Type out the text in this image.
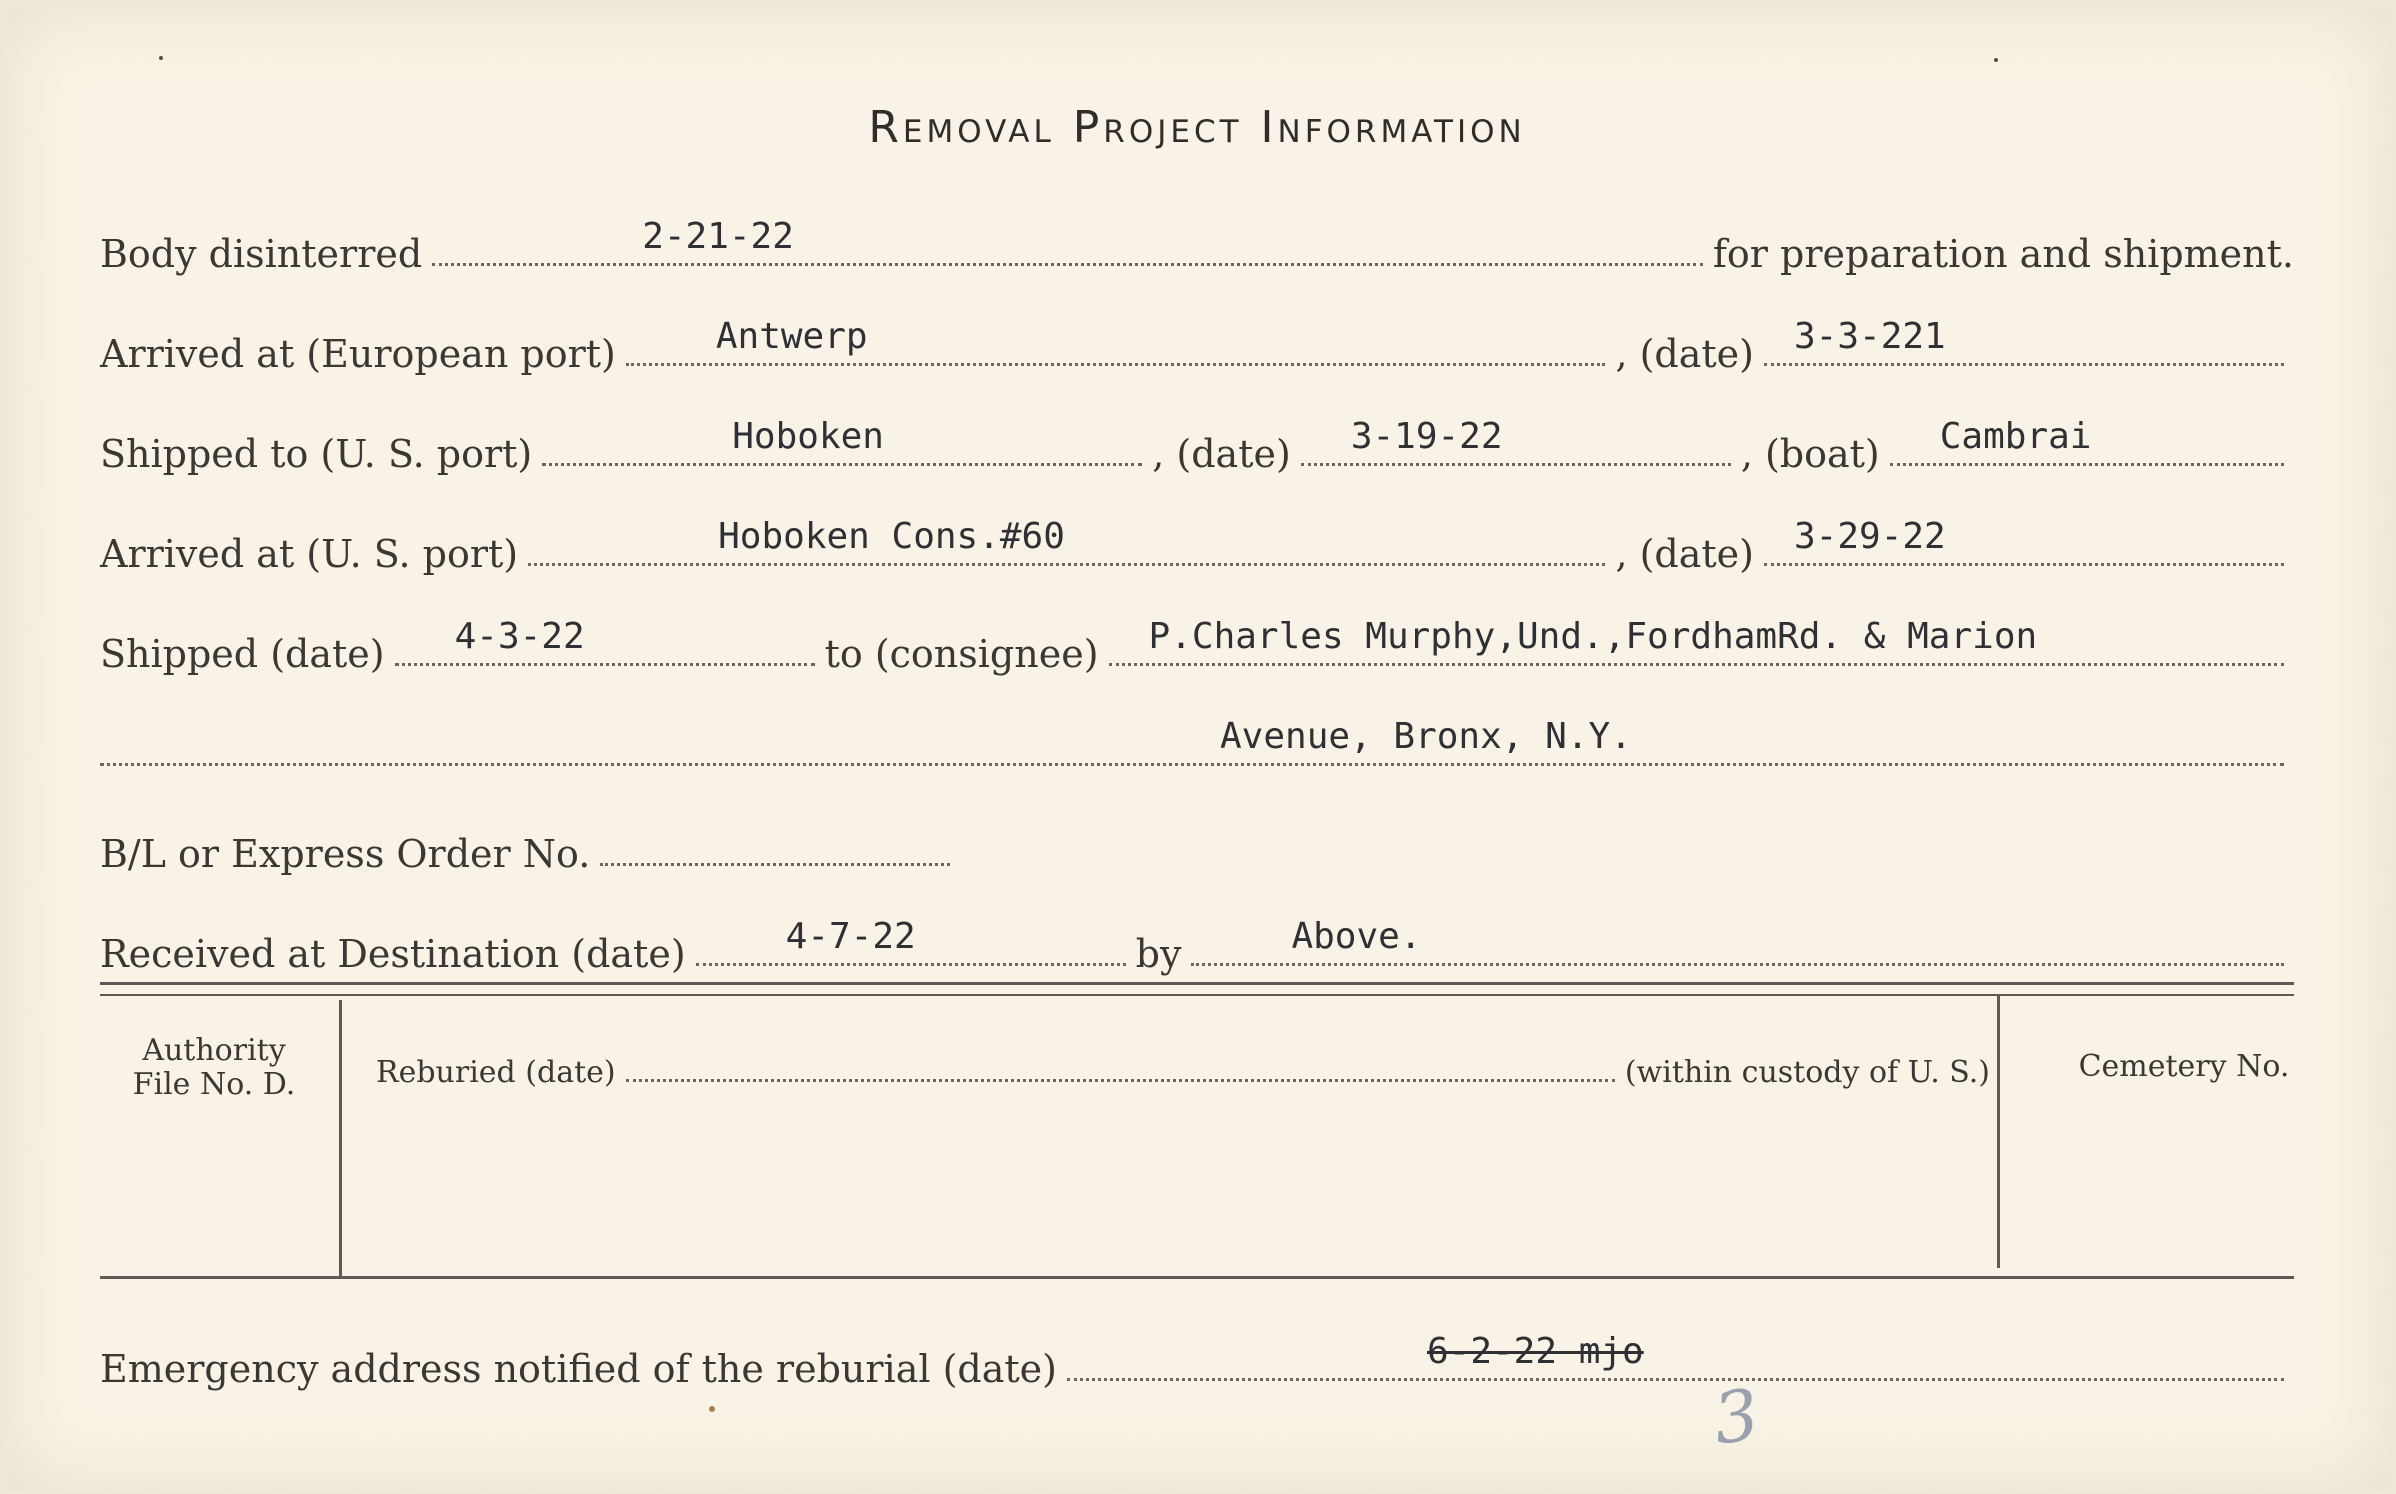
Removal Project Information
Body disinterred	2-21-22	for preparation and shipment.
Arrived at (European port)	Antwerp	, (date) 3-3-221
Shipped to (U. S. port)	Hoboken	, (date) 3-19-22	, (boat) Cambrai
Arrived at (U. S. port)	Hoboken Cons.#60	, (date) 3-29-22
Shipped (date) 4-3-22	to (consignee) P.Charles Murphy,Und.,FordhamRd. & Marion
Avenue, Bronx, N.Y.
B/L or Express Order No.
Received at Destination (date)	4-7-22	by	Above.
Authority
File No. D.	Reburied (date)	(within custody of U. S.)	Cemetery No.
Emergency address notified of the reburial (date)	6-2-22 mjo
3
